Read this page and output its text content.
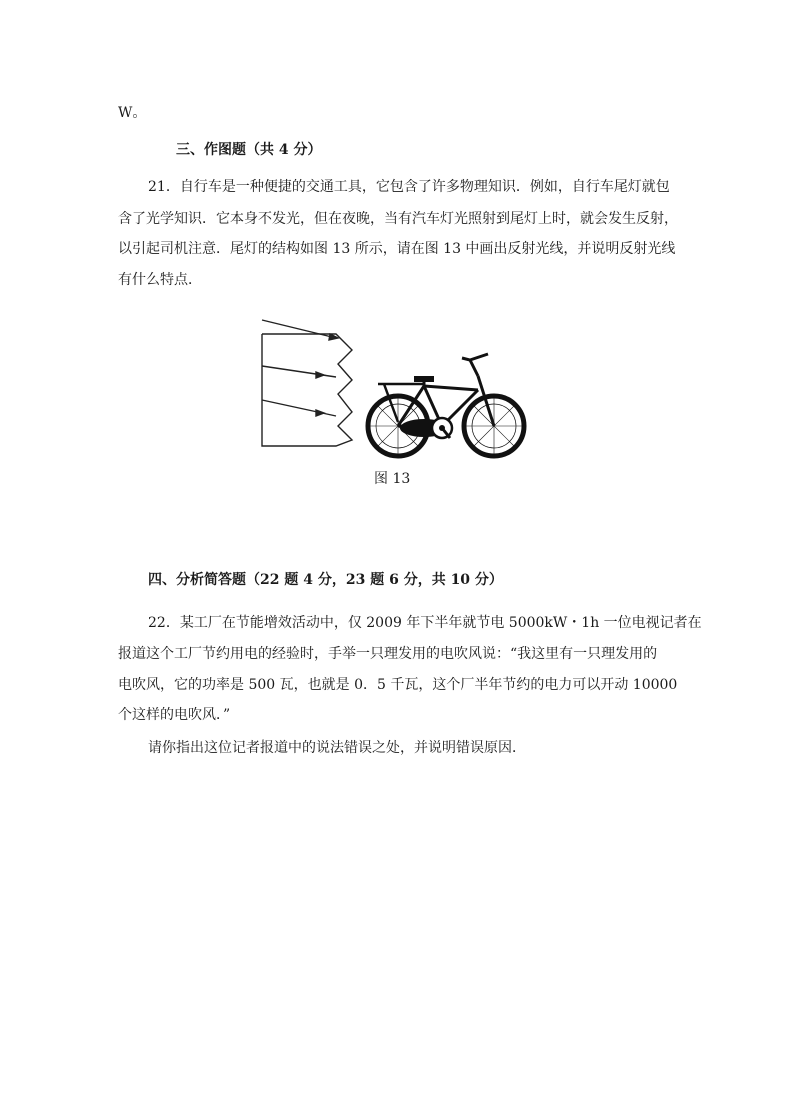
W。
三、作图题（共 4 分）
21．自行车是一种便捷的交通工具，它包含了许多物理知识．例如，自行车尾灯就包
含了光学知识．它本身不发光，但在夜晚，当有汽车灯光照射到尾灯上时，就会发生反射，
以引起司机注意．尾灯的结构如图 13 所示，请在图 13 中画出反射光线，并说明反射光线
有什么特点．
图 13
四、分析简答题（22 题 4 分，23 题 6 分，共 10 分）
22．某工厂在节能增效活动中，仅 2009 年下半年就节电 5000kW・1h 一位电视记者在
报道这个工厂节约用电的经验时，手举一只理发用的电吹风说：“我这里有一只理发用的
电吹风，它的功率是 500 瓦，也就是 0．5 千瓦，这个厂半年节约的电力可以开动 10000
个这样的电吹风．”
请你指出这位记者报道中的说法错误之处，并说明错误原因．
